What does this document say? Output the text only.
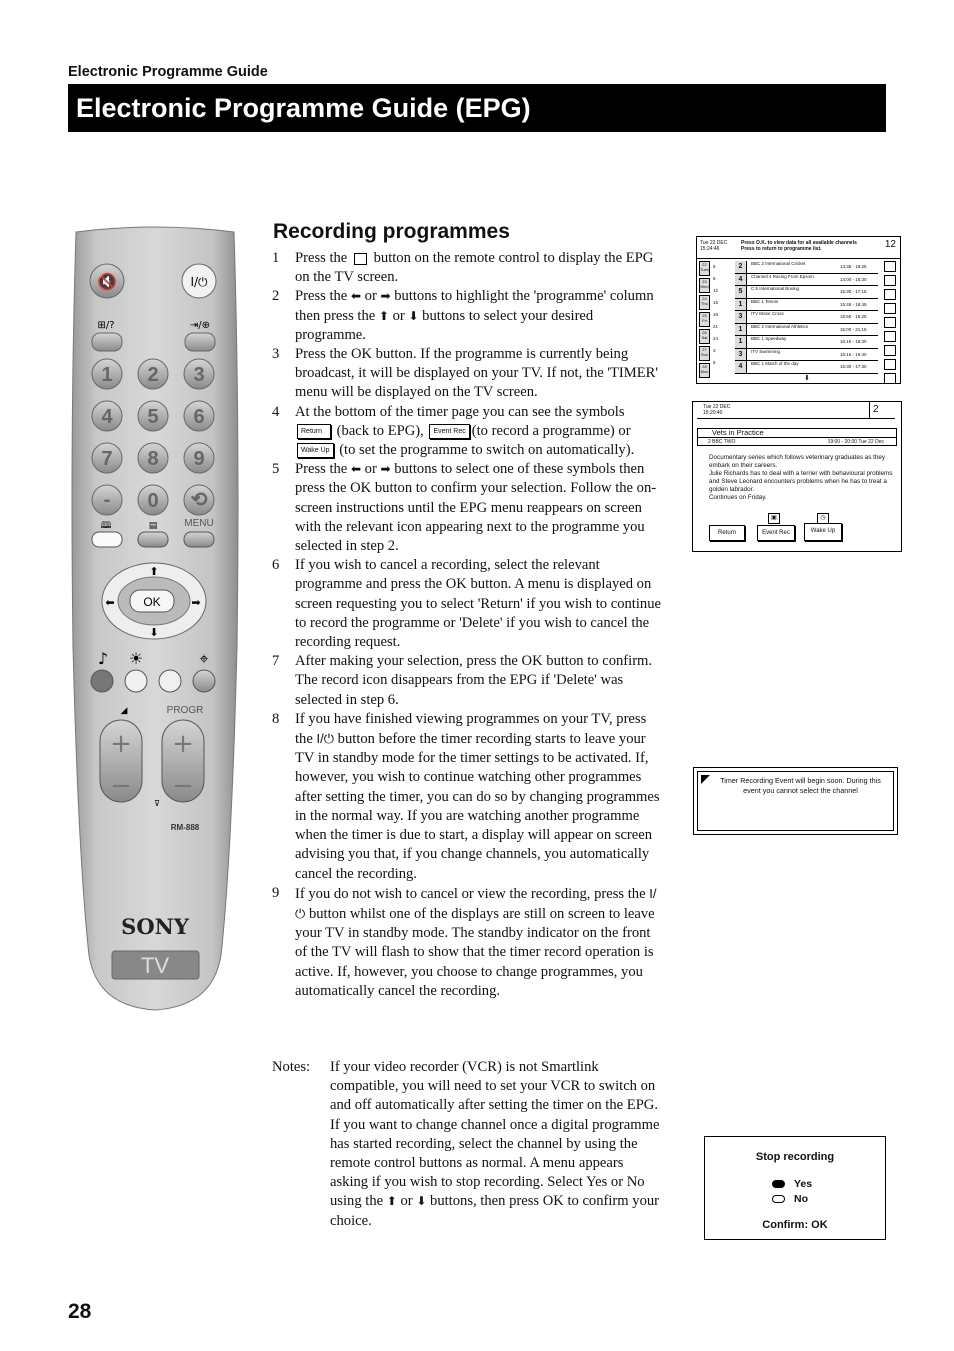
Electronic Programme Guide
Electronic Programme Guide (EPG)
🔇	I/⏻
⊞/?	⇥/⊕
1 2 3
4 5 6
7 8 9
- 0 ⟲
🕮	▤	MENU
OK
⬆
⬇
⬅	➡
♪ ☀	⌖
◢	PROGR
+
−
+
−
⊽
RM-888
SONY
TV
Recording programmes
1	Press the button on the remote control to display the EPG on the TV screen.
2	Press the ⬅ or ➡ buttons to highlight the 'programme' column then press the ⬆ or ⬇ buttons to select your desired programme.
3	Press the OK button. If the programme is currently being broadcast, it will be displayed on your TV. If not, the 'TIMER' menu will be displayed on the TV screen.
4	At the bottom of the timer page you can see the symbols Return (back to EPG), Event Rec (to record a programme) or Wake Up (to set the programme to switch on automatically).
5	Press the ⬅ or ➡ buttons to select one of these symbols then press the OK button to confirm your selection. Follow the on-screen instructions until the EPG menu reappears on screen with the relevant icon appearing next to the programme you selected in step 2.
6	If you wish to cancel a recording, select the relevant programme and press the OK button. A menu is displayed on screen requesting you to select 'Return' if you wish to continue to record the programme or 'Delete' if you wish to cancel the recording request.
7	After making your selection, press the OK button to confirm. The record icon disappears from the EPG if 'Delete' was selected in step 6.
8	If you have finished viewing programmes on your TV, press the I/⏻ button before the timer recording starts to leave your TV in standby mode for the timer settings to be activated. If, however, you wish to continue watching other programmes after setting the timer, you can do so by changing programmes in the normal way. If you are watching another programme when the timer is due to start, a display will appear on screen advising you that, if you change channels, you automatically cancel the recording.
9	If you do not wish to cancel or view the recording, press the I/⏻ button whilst one of the displays are still on screen to leave your TV in standby mode. The standby indicator on the front of the TV will flash to show that the timer record operation is active. If, however, you choose to change programmes, you automatically cancel the recording.
Notes:	If your video recorder (VCR) is not Smartlink compatible, you will need to set your VCR to switch on and off automatically after setting the timer on the EPG.

If you want to change channel once a digital programme has started recording, select the channel by using the remote control buttons as normal. A menu appears asking if you wish to stop recording. Select Yes or No using the ⬆ or ⬇ buttons, then press OK to confirm your choice.

28
Tue 22 DEC 15:24:46
Press O.K. to view data for all available channels Press to return to programme list.	12
22 Tues
23 Wed
24 Thu
25 Fri
26 Sat
27 Sun
28 Mon
6
9
12
15
18
21
24
3
6
2	BBC 2 International Cricket
13:35 - 18:25
4	Channel 4 Racing From Epsom
14:00 - 16:30
5	C 5 International Boxing
15:30 - 17:15
1	BBC 1 Tennis
15:45 - 16:45
3	ITV Motor Cross
15:55 - 16:25
1	BBC 2 International Athletics
15:00 - 21:15
1	BBC 1 Speedway
16:15 - 16:30
3	ITV Swimming
16:15 - 16:40
4	BBC 1 Match of the day
16:30 - 17:30
⬇
Tue 22 DEC 15:20:40	2
Vets in Practice
2 BBC TWO	19:00 - 20:00 Tue 22 Dec

Documentary series which follows veterinary graduates as they embark on their careers.

Julie Richards has to deal with a terrier with behavioural problems and Steve Leonard encounters problems when he has to treat a golden labrador.

Continues on Friday.

▣	◷
Return	Event Rec	Wake Up
Timer Recording Event will begin soon. During this event you cannot select the channel
Stop recording
Yes
No
Confirm: OK
